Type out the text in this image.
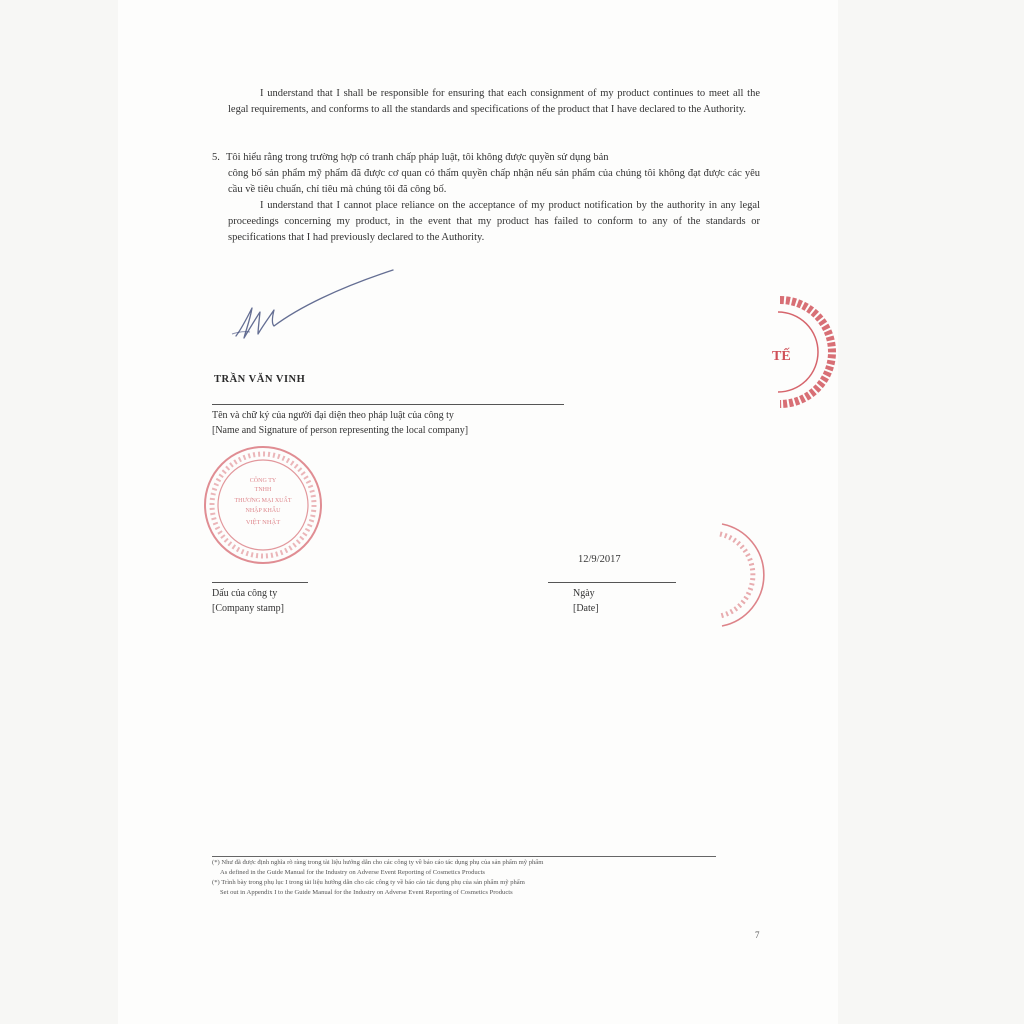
I understand that I shall be responsible for ensuring that each consignment of my product continues to meet all the legal requirements, and conforms to all the standards and specifications of the product that I have declared to the Authority.

5. Tôi hiểu rằng trong trường hợp có tranh chấp pháp luật, tôi không được quyền sử dụng bản
công bố sản phẩm mỹ phẩm đã được cơ quan có thẩm quyền chấp nhận nếu sản phẩm của chúng tôi không đạt được các yêu cầu về tiêu chuẩn, chỉ tiêu mà chúng tôi đã công bố.

I understand that I cannot place reliance on the acceptance of my product notification by the authority in any legal proceedings concerning my product, in the event that my product has failed to conform to any of the standards or specifications that I had previously declared to the Authority.

TRẦN VĂN VINH
Tên và chữ ký của người đại diện theo pháp luật của công ty
[Name and Signature of person representing the local company]
CÔNG TY
TNHH
THƯƠNG MẠI XUẤT
NHẬP KHẨU
VIỆT NHẬT
Dấu của công ty
[Company stamp]
12/9/2017
Ngày
[Date]
TẾ
(*) Như đã được định nghĩa rõ ràng trong tài liệu hướng dẫn cho các công ty về báo cáo tác dụng phụ của sản phẩm mỹ phẩm
As defined in the Guide Manual for the Industry on Adverse Event Reporting of Cosmetics Products
(*) Trình bày trong phụ lục I trong tài liệu hướng dẫn cho các công ty về báo cáo tác dụng phụ của sản phẩm mỹ phẩm
Set out in Appendix I to the Guide Manual for the Industry on Adverse Event Reporting of Cosmetics Products
7
